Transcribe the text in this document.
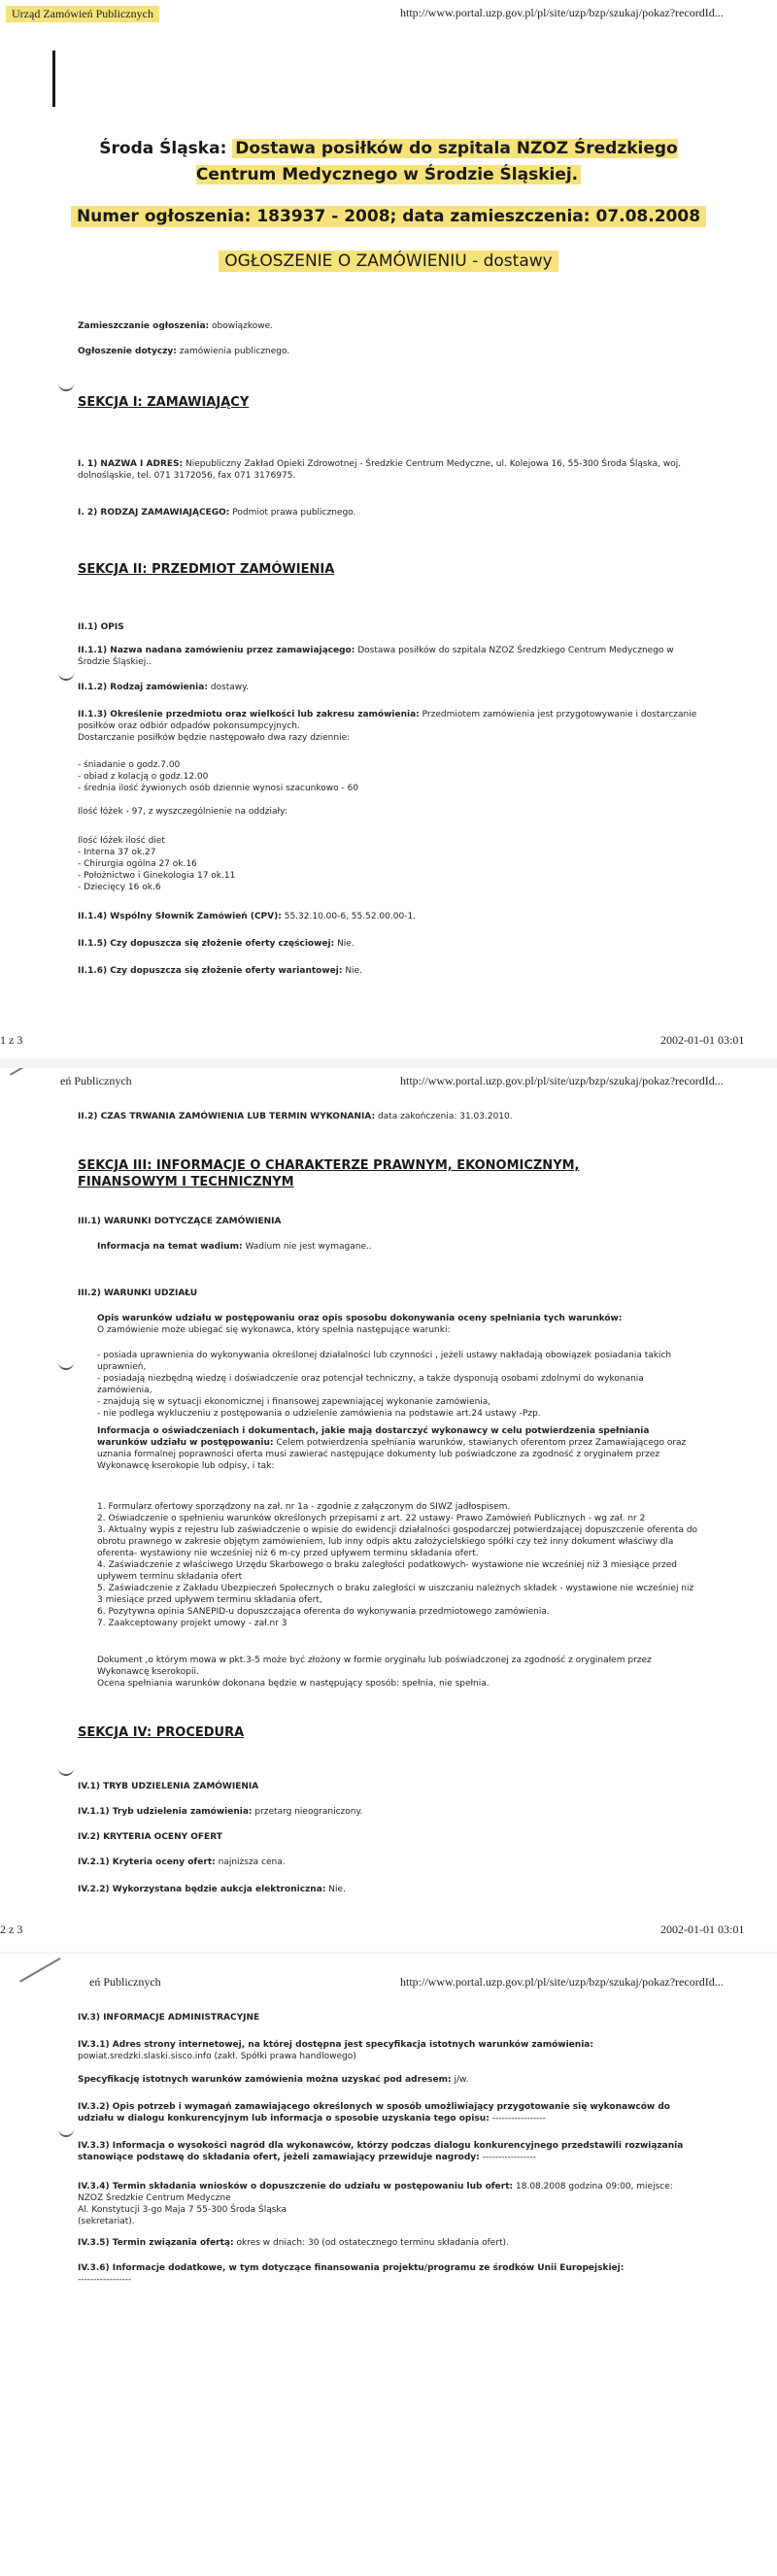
Urząd Zamówień Publicznych	http://www.portal.uzp.gov.pl/pl/site/uzp/bzp/szukaj/pokaz?recordId...
Środa Śląska: Dostawa posiłków do szpitala NZOZ Średzkiego Centrum Medycznego w Środzie Śląskiej.
Numer ogłoszenia: 183937 - 2008; data zamieszczenia: 07.08.2008
OGŁOSZENIE O ZAMÓWIENIU - dostawy
Zamieszczanie ogłoszenia: obowiązkowe.
Ogłoszenie dotyczy: zamówienia publicznego.
SEKCJA I: ZAMAWIAJĄCY
I. 1) NAZWA I ADRES: Niepubliczny Zakład Opieki Zdrowotnej - Średzkie Centrum Medyczne, ul. Kolejowa 16, 55-300 Środa Śląska, woj. dolnośląskie, tel. 071 3172056, fax 071 3176975.
I. 2) RODZAJ ZAMAWIAJĄCEGO: Podmiot prawa publicznego.
SEKCJA II: PRZEDMIOT ZAMÓWIENIA
II.1) OPIS
II.1.1) Nazwa nadana zamówieniu przez zamawiającego: Dostawa posiłków do szpitala NZOZ Średzkiego Centrum Medycznego w Środzie Śląskiej..
II.1.2) Rodzaj zamówienia: dostawy.
II.1.3) Określenie przedmiotu oraz wielkości lub zakresu zamówienia: Przedmiotem zamówienia jest przygotowywanie i dostarczanie posiłków oraz odbiór odpadów pokonsumpcyjnych.
Dostarczanie posiłków będzie następowało dwa razy dziennie:
- śniadanie o godz.7.00
- obiad z kolacją o godz.12.00
- średnia ilość żywionych osób dziennie wynosi szacunkowo - 60
Ilość łóżek - 97, z wyszczególnienie na oddziały:
Ilość łóżek ilość diet
- Interna 37 ok.27
- Chirurgia ogólna 27 ok.16
- Położnictwo i Ginekologia 17 ok.11
- Dziecięcy 16 ok.6
II.1.4) Wspólny Słownik Zamówień (CPV): 55.32.10.00-6, 55.52.00.00-1.
II.1.5) Czy dopuszcza się złożenie oferty częściowej: Nie.
II.1.6) Czy dopuszcza się złożenie oferty wariantowej: Nie.
1 z 3	2002-01-01 03:01
eń Publicznych	http://www.portal.uzp.gov.pl/pl/site/uzp/bzp/szukaj/pokaz?recordId...
II.2) CZAS TRWANIA ZAMÓWIENIA LUB TERMIN WYKONANIA: data zakończenia: 31.03.2010.
SEKCJA III: INFORMACJE O CHARAKTERZE PRAWNYM, EKONOMICZNYM, FINANSOWYM I TECHNICZNYM
III.1) WARUNKI DOTYCZĄCE ZAMÓWIENIA
Informacja na temat wadium: Wadium nie jest wymagane..
III.2) WARUNKI UDZIAŁU
Opis warunków udziału w postępowaniu oraz opis sposobu dokonywania oceny spełniania tych warunków:
O zamówienie może ubiegać się wykonawca, który spełnia następujące warunki:
- posiada uprawnienia do wykonywania określonej działalności lub czynności , jeżeli ustawy nakładają obowiązek posiadania takich uprawnień,
- posiadają niezbędną wiedzę i doświadczenie oraz potencjał techniczny, a także dysponują osobami zdolnymi do wykonania zamówienia,
- znajdują się w sytuacji ekonomicznej i finansowej zapewniającej wykonanie zamówienia,
- nie podlega wykluczeniu z postępowania o udzielenie zamówienia na podstawie art.24 ustawy -Pzp.
Informacja o oświadczeniach i dokumentach, jakie mają dostarczyć wykonawcy w celu potwierdzenia spełniania warunków udziału w postępowaniu: Celem potwierdzenia spełniania warunków, stawianych oferentom przez Zamawiającego oraz uznania formalnej poprawności oferta musi zawierać następujące dokumenty lub poświadczone za zgodność z oryginałem przez Wykonawcę kserokopie lub odpisy, i tak:
1. Formularz ofertowy sporządzony na zał. nr 1a - zgodnie z załączonym do SIWZ jadłospisem.
2. Oświadczenie o spełnieniu warunków określonych przepisami z art. 22 ustawy- Prawo Zamówień Publicznych - wg zał. nr 2
3. Aktualny wypis z rejestru lub zaświadczenie o wpisie do ewidencji działalności gospodarczej potwierdzającej dopuszczenie oferenta do obrotu prawnego w zakresie objętym zamówieniem, lub inny odpis aktu założycielskiego spółki czy też inny dokument właściwy dla oferenta- wystawiony nie wcześniej niż 6 m-cy przed upływem terminu składania ofert.
4. Zaświadczenie z właściwego Urzędu Skarbowego o braku zaległości podatkowych- wystawione nie wcześniej niż 3 miesiące przed upływem terminu składania ofert
5. Zaświadczenie z Zakładu Ubezpieczeń Społecznych o braku zaległości w uiszczaniu należnych składek - wystawione nie wcześniej niż 3 miesiące przed upływem terminu składania ofert,
6. Pozytywna opinia SANEPID-u dopuszczająca oferenta do wykonywania przedmiotowego zamówienia.
7. Zaakceptowany projekt umowy - zał.nr 3
Dokument ,o którym mowa w pkt.3-5 może być złożony w formie oryginału lub poświadczonej za zgodność z oryginałem przez Wykonawcę kserokopii.
Ocena spełniania warunków dokonana będzie w następujący sposób: spełnia, nie spełnia.
SEKCJA IV: PROCEDURA
IV.1) TRYB UDZIELENIA ZAMÓWIENIA
IV.1.1) Tryb udzielenia zamówienia: przetarg nieograniczony.
IV.2) KRYTERIA OCENY OFERT
IV.2.1) Kryteria oceny ofert: najniższa cena.
IV.2.2) Wykorzystana będzie aukcja elektroniczna: Nie.
2 z 3	2002-01-01 03:01
eń Publicznych	http://www.portal.uzp.gov.pl/pl/site/uzp/bzp/szukaj/pokaz?recordId...
IV.3) INFORMACJE ADMINISTRACYJNE
IV.3.1) Adres strony internetowej, na której dostępna jest specyfikacja istotnych warunków zamówienia:
powiat.sredzki.slaski.sisco.info (zakł. Spółki prawa handlowego)
Specyfikację istotnych warunków zamówienia można uzyskać pod adresem: j/w.
IV.3.2) Opis potrzeb i wymagań zamawiającego określonych w sposób umożliwiający przygotowanie się wykonawców do udziału w dialogu konkurencyjnym lub informacja o sposobie uzyskania tego opisu: -----------------
IV.3.3) Informacja o wysokości nagród dla wykonawców, którzy podczas dialogu konkurencyjnego przedstawili rozwiązania stanowiące podstawę do składania ofert, jeżeli zamawiający przewiduje nagrody: -----------------
IV.3.4) Termin składania wniosków o dopuszczenie do udziału w postępowaniu lub ofert: 18.08.2008 godzina 09:00, miejsce: NZOZ Średzkie Centrum Medyczne
Al. Konstytucji 3-go Maja 7 55-300 Środa Śląska
(sekretariat).
IV.3.5) Termin związania ofertą: okres w dniach: 30 (od ostatecznego terminu składania ofert).
IV.3.6) Informacje dodatkowe, w tym dotyczące finansowania projektu/programu ze środków Unii Europejskiej:
-----------------
